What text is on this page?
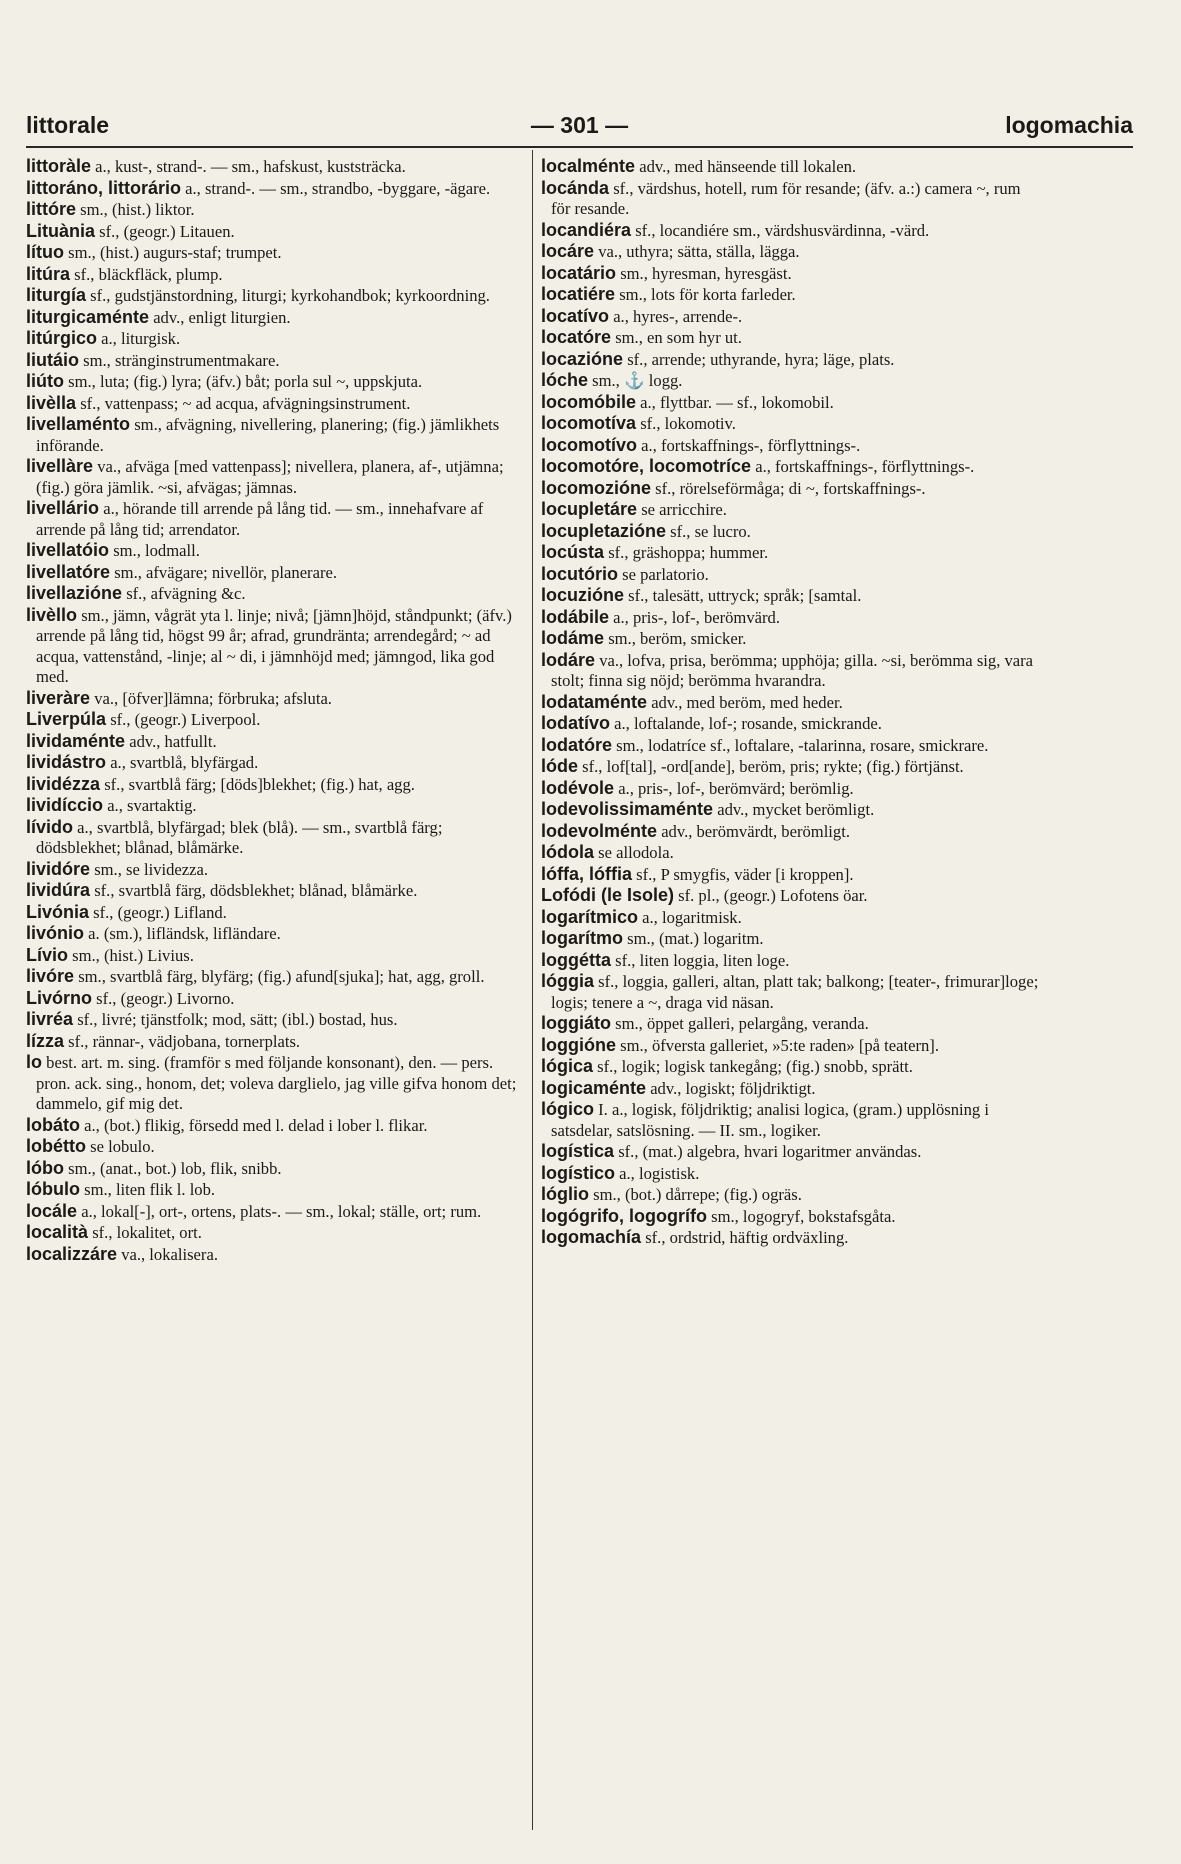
littorale	— 301 —	logomachia

littoràle a., kust-, strand-. — sm., hafskust, kuststräcka.

littoráno, littorário a., strand-. — sm., strandbo, -byggare, -ägare.

littóre sm., (hist.) liktor.

Lituània sf., (geogr.) Litauen.

lítuo sm., (hist.) augurs-staf; trumpet.

litúra sf., bläckfläck, plump.

liturgía sf., gudstjänstordning, liturgi; kyrkohandbok; kyrkoordning.

liturgicaménte adv., enligt liturgien.

litúrgico a., liturgisk.

liutáio sm., stränginstrumentmakare.

liúto sm., luta; (fig.) lyra; (äfv.) båt; porla sul ~, uppskjuta.

livèlla sf., vattenpass; ~ ad acqua, afvägningsinstrument.

livellaménto sm., afvägning, nivellering, planering; (fig.) jämlikhets införande.

livellàre va., afväga [med vattenpass]; nivellera, planera, af-, utjämna; (fig.) göra jämlik. ~si, afvägas; jämnas.

livellário a., hörande till arrende på lång tid. — sm., innehafvare af arrende på lång tid; arrendator.

livellatóio sm., lodmall.

livellatóre sm., afvägare; nivellör, planerare.

livellazióne sf., afvägning &c.

livèllo sm., jämn, vågrät yta l. linje; nivå; [jämn]höjd, ståndpunkt; (äfv.) arrende på lång tid, högst 99 år; afrad, grundränta; arrendegård; ~ ad acqua, vattenstånd, -linje; al ~ di, i jämnhöjd med; jämngod, lika god med.

liveràre va., [öfver]lämna; förbruka; afsluta.

Liverpúla sf., (geogr.) Liverpool.

lividaménte adv., hatfullt.

lividástro a., svartblå, blyfärgad.

lividézza sf., svartblå färg; [döds]blekhet; (fig.) hat, agg.

lividíccio a., svartaktig.

lívido a., svartblå, blyfärgad; blek (blå). — sm., svartblå färg; dödsblekhet; blånad, blåmärke.

lividóre sm., se lividezza.

lividúra sf., svartblå färg, dödsblekhet; blånad, blåmärke.

Livónia sf., (geogr.) Lifland.

livónio a. (sm.), lifländsk, lifländare.

Lívio sm., (hist.) Livius.

livóre sm., svartblå färg, blyfärg; (fig.) afund[sjuka]; hat, agg, groll.

Livórno sf., (geogr.) Livorno.

livréa sf., livré; tjänstfolk; mod, sätt; (ibl.) bostad, hus.

lízza sf., rännar-, vädjobana, tornerplats.

lo best. art. m. sing. (framför s med följande konsonant), den. — pers. pron. ack. sing., honom, det; voleva darglielo, jag ville gifva honom det; dammelo, gif mig det.

lobáto a., (bot.) flikig, försedd med l. delad i lober l. flikar.

lobétto se lobulo.

lóbo sm., (anat., bot.) lob, flik, snibb.

lóbulo sm., liten flik l. lob.

locále a., lokal[-], ort-, ortens, plats-. — sm., lokal; ställe, ort; rum.

località sf., lokalitet, ort.

localizzáre va., lokalisera.

localménte adv., med hänseende till lokalen.

locánda sf., värdshus, hotell, rum för resande; (äfv. a.:) camera ~, rum för resande.

locandiéra sf., locandiére sm., värdshusvärdinna, -värd.

locáre va., uthyra; sätta, ställa, lägga.

locatário sm., hyresman, hyresgäst.

locatiére sm., lots för korta farleder.

locatívo a., hyres-, arrende-.

locatóre sm., en som hyr ut.

locazióne sf., arrende; uthyrande, hyra; läge, plats.

lóche sm., ⚓ logg.

locomóbile a., flyttbar. — sf., lokomobil.

locomotíva sf., lokomotiv.

locomotívo a., fortskaffnings-, förflyttnings-.

locomotóre, locomotríce a., fortskaffnings-, förflyttnings-.

locomozióne sf., rörelseförmåga; di ~, fortskaffnings-.

locupletáre se arricchire.

locupletazióne sf., se lucro.

locústa sf., gräshoppa; hummer.

locutório se parlatorio.

locuzióne sf., talesätt, uttryck; språk; [samtal.

lodábile a., pris-, lof-, berömvärd.

lodáme sm., beröm, smicker.

lodáre va., lofva, prisa, berömma; upphöja; gilla. ~si, berömma sig, vara stolt; finna sig nöjd; berömma hvarandra.

lodataménte adv., med beröm, med heder.

lodatívo a., loftalande, lof-; rosande, smickrande.

lodatóre sm., lodatríce sf., loftalare, -talarinna, rosare, smickrare.

lóde sf., lof[tal], -ord[ande], beröm, pris; rykte; (fig.) förtjänst.

lodévole a., pris-, lof-, berömvärd; berömlig.

lodevolissimaménte adv., mycket berömligt.

lodevolménte adv., berömvärdt, berömligt.

lódola se allodola.

lóffa, lóffia sf., P smygfis, väder [i kroppen].

Lofódi (le Isole) sf. pl., (geogr.) Lofotens öar.

logarítmico a., logaritmisk.

logarítmo sm., (mat.) logaritm.

loggétta sf., liten loggia, liten loge.

lóggia sf., loggia, galleri, altan, platt tak; balkong; [teater-, frimurar]loge; logis; tenere a ~, draga vid näsan.

loggiáto sm., öppet galleri, pelargång, veranda.

loggióne sm., öfversta galleriet, »5:te raden» [på teatern].

lógica sf., logik; logisk tankegång; (fig.) snobb, sprätt.

logicaménte adv., logiskt; följdriktigt.

lógico I. a., logisk, följdriktig; analisi logica, (gram.) upplösning i satsdelar, satslösning. — II. sm., logiker.

logística sf., (mat.) algebra, hvari logaritmer användas.

logístico a., logistisk.

lóglio sm., (bot.) dårrepe; (fig.) ogräs.

logógrifo, logogrífo sm., logogryf, bokstafsgåta.

logomachía sf., ordstrid, häftig ordväxling.
